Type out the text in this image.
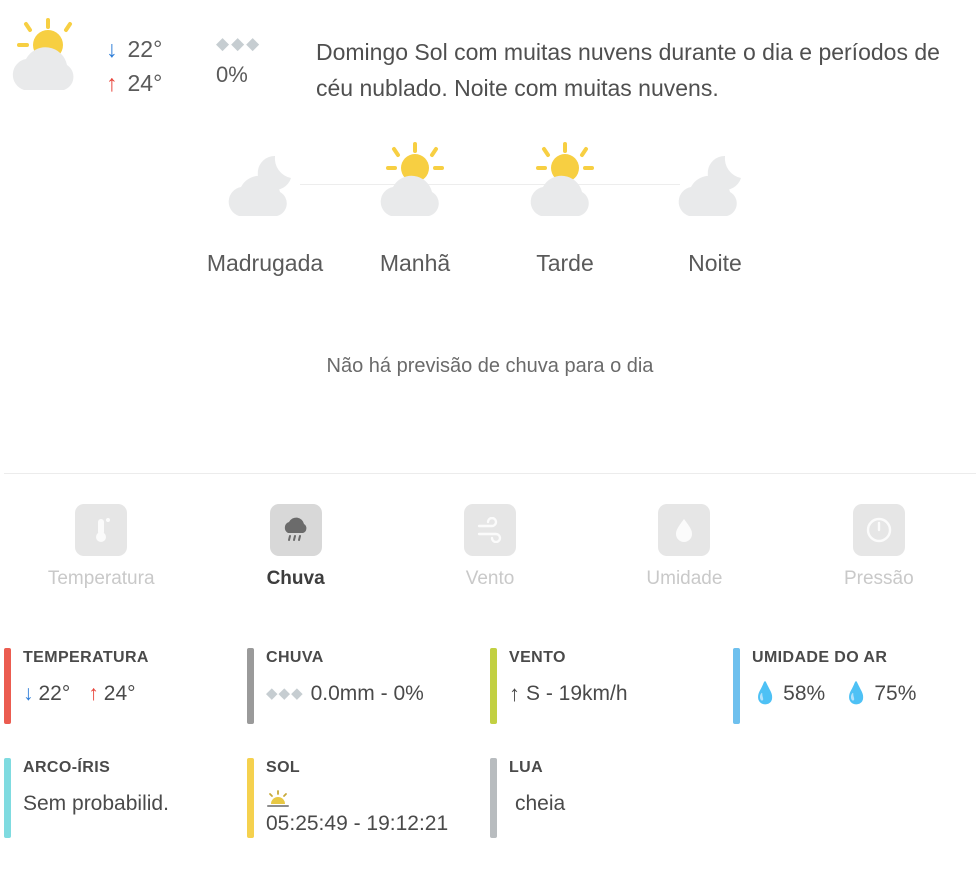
↓ 22°
↑ 24°
◆◆◆
0%
Domingo Sol com muitas nuvens durante o dia e períodos de céu nublado. Noite com muitas nuvens.
Madrugada	Manhã	Tarde	Noite
Não há previsão de chuva para o dia
Temperatura	Chuva	Vento	Umidade	Pressão
TEMPERATURA
↓ 22° ↑ 24°
CHUVA
◆◆◆ 0.0mm - 0%
VENTO
↑ S - 19km/h
UMIDADE DO AR
💧 58% 💧 75%
ARCO-ÍRIS
Sem probabilid.
SOL
05:25:49 - 19:12:21
LUA
cheia
